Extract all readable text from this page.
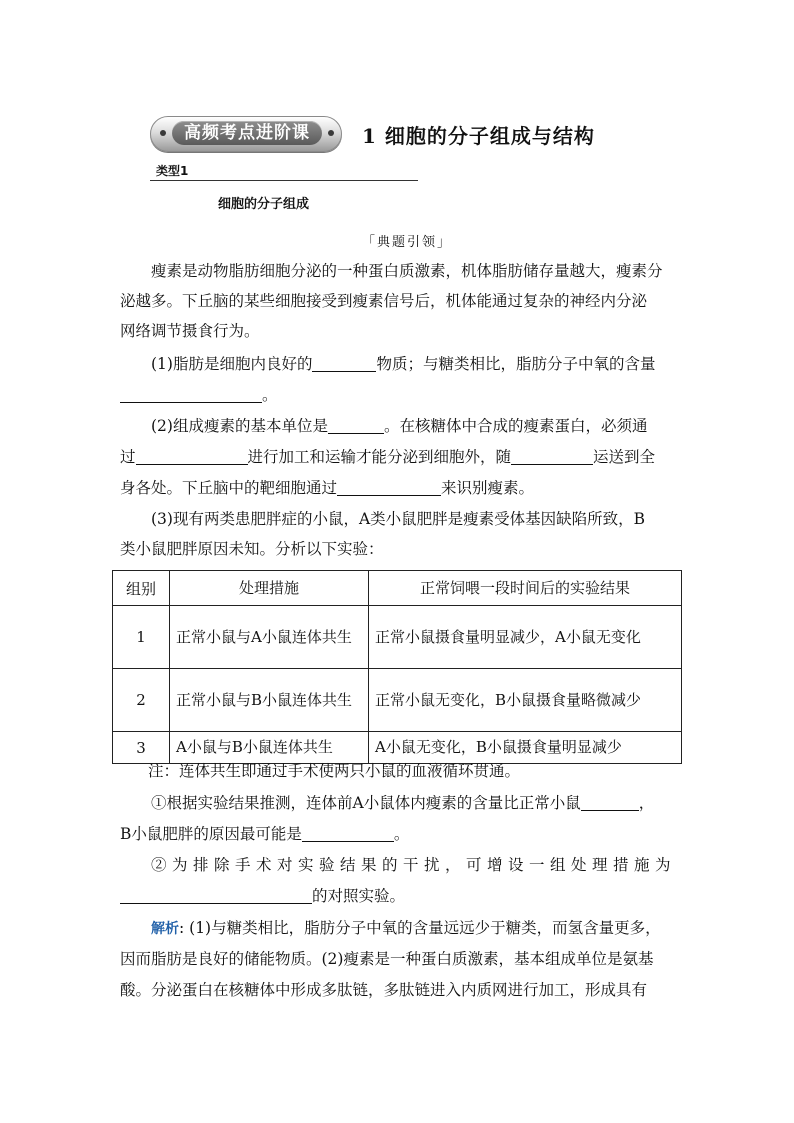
高频考点进阶课	1 细胞的分子组成与结构
类型1
细胞的分子组成
「典题引领」
瘦素是动物脂肪细胞分泌的一种蛋白质激素，机体脂肪储存量越大，瘦素分
泌越多。下丘脑的某些细胞接受到瘦素信号后，机体能通过复杂的神经内分泌
网络调节摄食行为。
(1)脂肪是细胞内良好的	物质；与糖类相比，脂肪分子中氧的含量
。
(2)组成瘦素的基本单位是	。在核糖体中合成的瘦素蛋白，必须通
过	进行加工和运输才能分泌到细胞外，随	运送到全
身各处。下丘脑中的靶细胞通过	来识别瘦素。
(3)现有两类患肥胖症的小鼠，A类小鼠肥胖是瘦素受体基因缺陷所致，B
类小鼠肥胖原因未知。分析以下实验：
组别	处理措施	正常饲喂一段时间后的实验结果
1	正常小鼠与A小鼠连体共生	正常小鼠摄食量明显减少，A小鼠无变化
2	正常小鼠与B小鼠连体共生	正常小鼠无变化，B小鼠摄食量略微减少
3	A小鼠与B小鼠连体共生	A小鼠无变化，B小鼠摄食量明显减少
注：连体共生即通过手术使两只小鼠的血液循环贯通。
①根据实验结果推测，连体前A小鼠体内瘦素的含量比正常小鼠	，
B小鼠肥胖的原因最可能是	。
②为排除手术对实验结果的干扰，可增设一组处理措施为
的对照实验。
解析: (1)与糖类相比，脂肪分子中氧的含量远远少于糖类，而氢含量更多，
因而脂肪是良好的储能物质。(2)瘦素是一种蛋白质激素，基本组成单位是氨基
酸。分泌蛋白在核糖体中形成多肽链，多肽链进入内质网进行加工，形成具有
